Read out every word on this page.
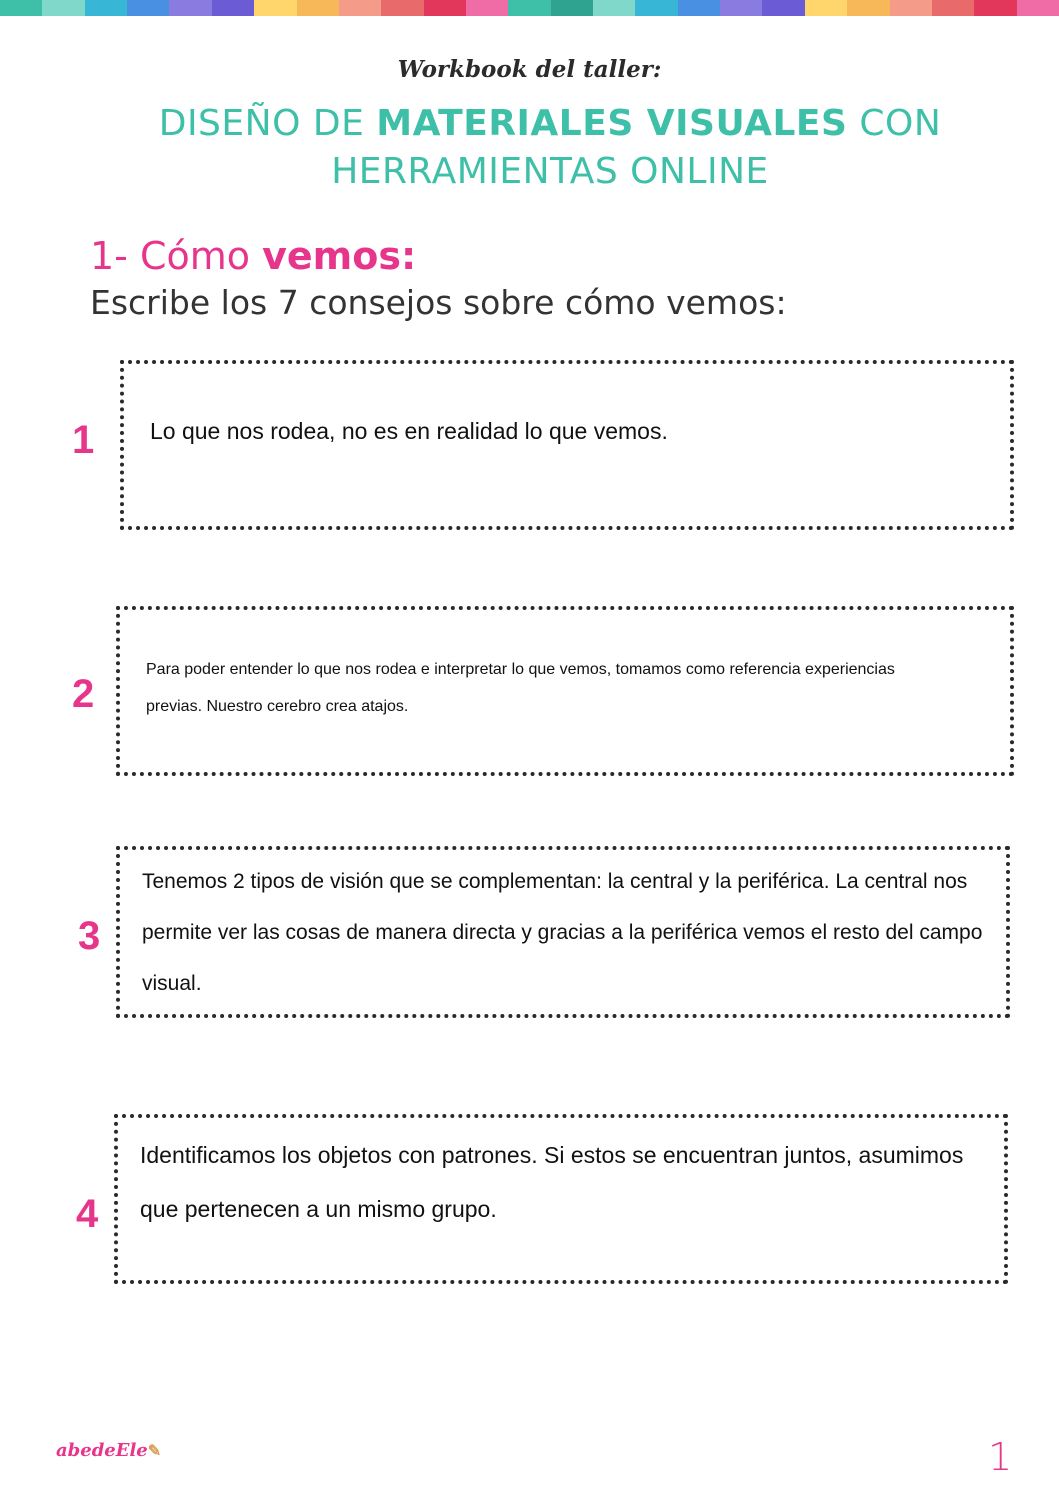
Workbook del taller:
DISEÑO DE MATERIALES VISUALES CON
HERRAMIENTAS ONLINE
1- Cómo vemos:
Escribe los 7 consejos sobre cómo vemos:
1 Lo que nos rodea, no es en realidad lo que vemos.

2

Para poder entender lo que nos rodea e interpretar lo que vemos, tomamos como referencia experiencias previas. Nuestro cerebro crea atajos.

3

Tenemos 2 tipos de visión que se complementan: la central y la periférica. La central nos permite ver las cosas de manera directa y gracias a la periférica vemos el resto del campo visual.

4

Identificamos los objetos con patrones. Si estos se encuentran juntos, asumimos que pertenecen a un mismo grupo.

abedeEle✎	1
